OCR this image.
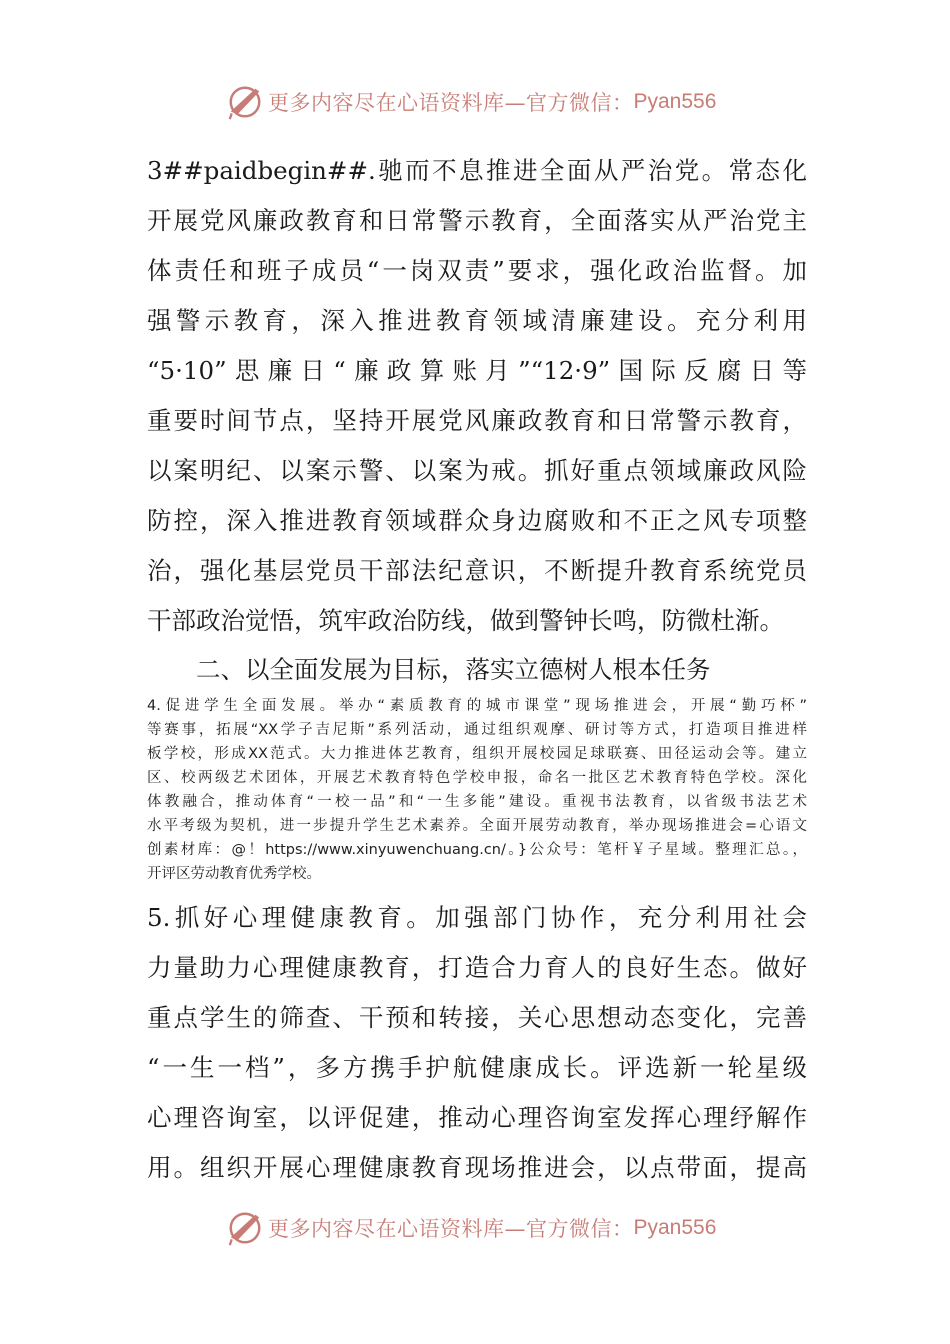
更多内容尽在心语资料库—官方微信： Pyan556
3##paidbegin##.驰而不息推进全面从严治党。常态化
开展党风廉政教育和日常警示教育，全面落实从严治党主
体责任和班子成员“一岗双责”要求，强化政治监督。加
强警示教育，深入推进教育领域清廉建设。充分利用
“5·10”思廉日“廉政算账月”“12·9”国际反腐日等
重要时间节点，坚持开展党风廉政教育和日常警示教育，
以案明纪、以案示警、以案为戒。抓好重点领域廉政风险
防控，深入推进教育领域群众身边腐败和不正之风专项整
治，强化基层党员干部法纪意识，不断提升教育系统党员
干部政治觉悟，筑牢政治防线，做到警钟长鸣，防微杜渐。
二、以全面发展为目标，落实立德树人根本任务
4.促进学生全面发展。举办“素质教育的城市课堂”现场推进会，开展“勤巧杯”
等赛事，拓展“XX学子吉尼斯”系列活动，通过组织观摩、研讨等方式，打造项目推进样
板学校，形成XX范式。大力推进体艺教育，组织开展校园足球联赛、田径运动会等。建立
区、校两级艺术团体，开展艺术教育特色学校申报，命名一批区艺术教育特色学校。深化
体教融合，推动体育“一校一品”和“一生多能”建设。重视书法教育，以省级书法艺术
水平考级为契机，进一步提升学生艺术素养。全面开展劳动教育，举办现场推进会=心语文
创素材库：@！https://www.xinyuwenchuang.cn/。}公众号：笔杆￥子星域。整理汇总。，
开评区劳动教育优秀学校。
5.抓好心理健康教育。加强部门协作，充分利用社会
力量助力心理健康教育，打造合力育人的良好生态。做好
重点学生的筛查、干预和转接，关心思想动态变化，完善
“一生一档”，多方携手护航健康成长。评选新一轮星级
心理咨询室，以评促建，推动心理咨询室发挥心理纾解作
用。组织开展心理健康教育现场推进会，以点带面，提高
更多内容尽在心语资料库—官方微信： Pyan556
